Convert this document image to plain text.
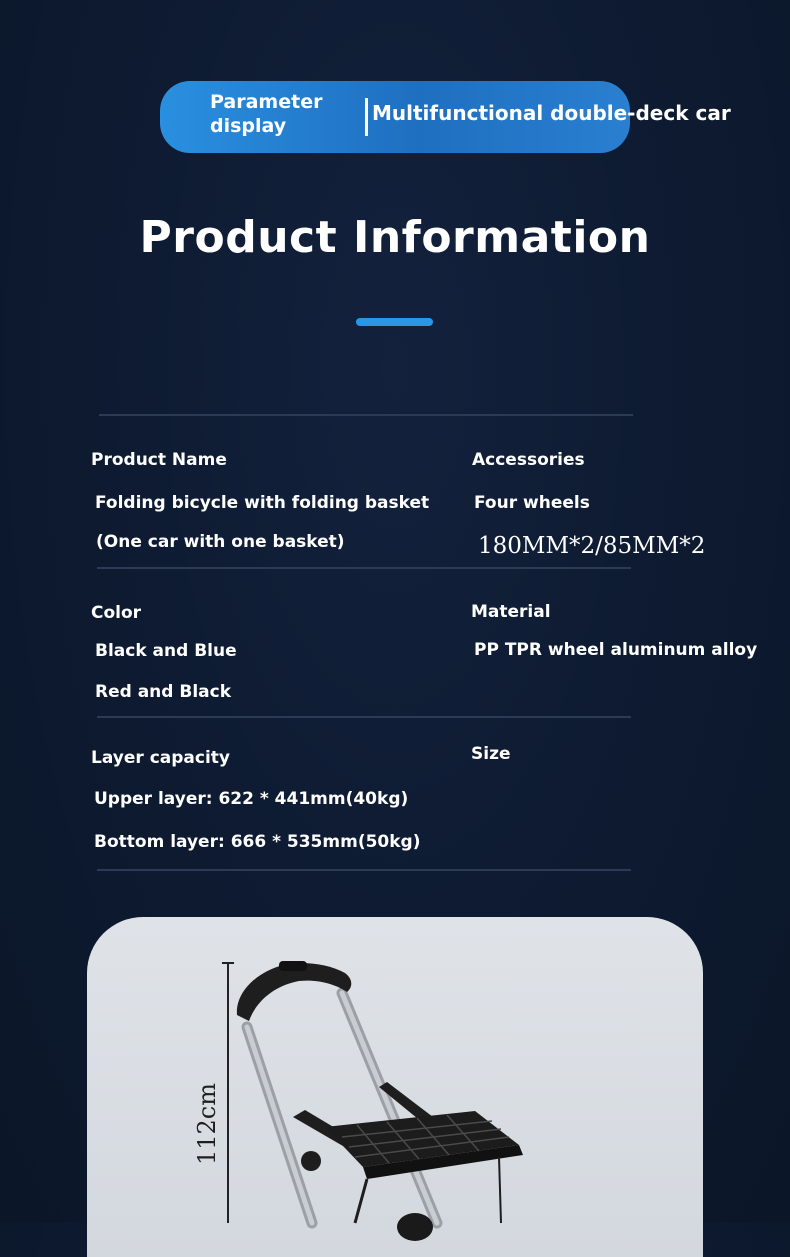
Parameter
display
Multifunctional double-deck car
Product Information
Product Name
Folding bicycle with folding basket
(One car with one basket)
Accessories
Four wheels
180MM*2/85MM*2
Color
Black and Blue
Red and Black
Material
PP TPR wheel aluminum alloy
Layer capacity
Upper layer: 622 * 441mm(40kg)
Bottom layer: 666 * 535mm(50kg)
Size
112cm
